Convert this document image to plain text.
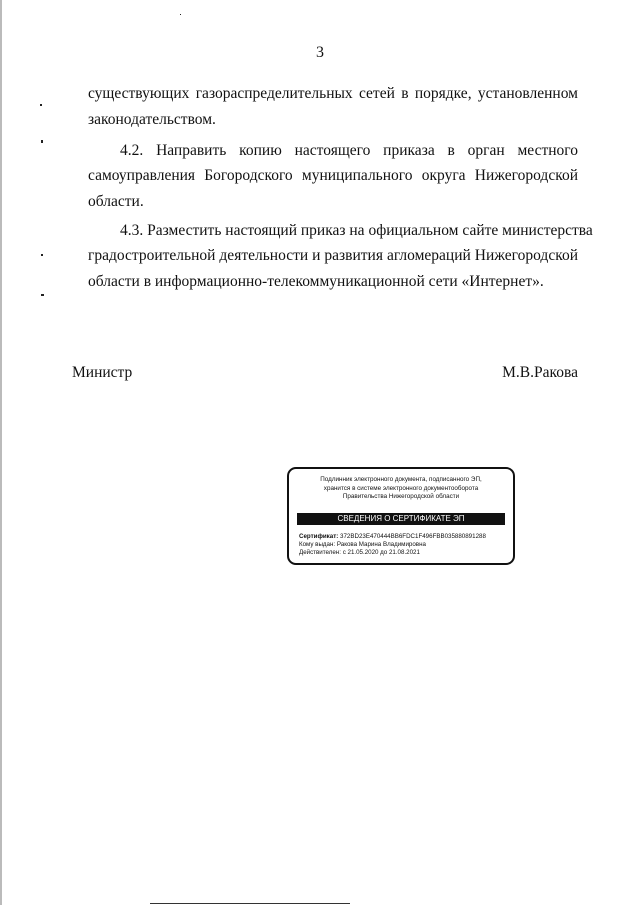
3
существующих газораспределительных сетей в порядке, установленном
законодательством.
4.2. Направить копию настоящего приказа в орган местного
самоуправления Богородского муниципального округа Нижегородской
области.
4.3. Разместить настоящий приказ на официальном сайте министерства
градостроительной деятельности и развития агломераций Нижегородской
области в информационно-телекоммуникационной сети «Интернет».
Министр	М.В.Ракова
Подлинник электронного документа, подписанного ЭП,
хранится в системе электронного документооборота
Правительства Нижегородской области
СВЕДЕНИЯ О СЕРТИФИКАТЕ ЭП
Сертификат: 372BD23E470444BB6FDC1F496FBB035880891288
Кому выдан: Ракова Марина Владимировна
Действителен: с 21.05.2020 до 21.08.2021
